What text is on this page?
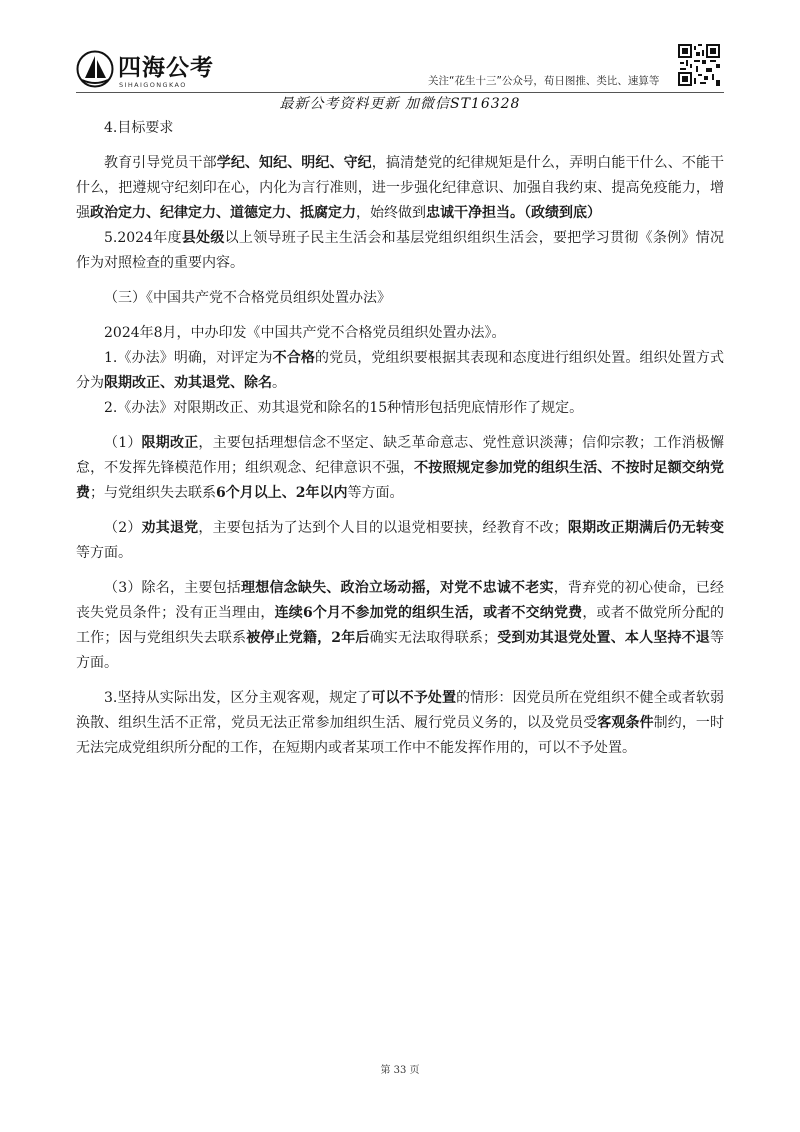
四海公考
SIHAIGONGKAO	关注“花生十三”公众号，荀日图推、类比、速算等
最新公考资料更新 加微信ST16328

4.目标要求

教育引导党员干部学纪、知纪、明纪、守纪，搞清楚党的纪律规矩是什么，弄明白能干什么、不能干什么，把遵规守纪刻印在心，内化为言行准则，进一步强化纪律意识、加强自我约束、提高免疫能力，增强政治定力、纪律定力、道德定力、抵腐定力，始终做到忠诚干净担当。（政绩到底）

5.2024年度县处级以上领导班子民主生活会和基层党组织组织生活会，要把学习贯彻《条例》情况作为对照检查的重要内容。

（三）《中国共产党不合格党员组织处置办法》

2024年8月，中办印发《中国共产党不合格党员组织处置办法》。

1.《办法》明确，对评定为不合格的党员，党组织要根据其表现和态度进行组织处置。组织处置方式分为限期改正、劝其退党、除名。

2.《办法》对限期改正、劝其退党和除名的15种情形包括兜底情形作了规定。

（1）限期改正，主要包括理想信念不坚定、缺乏革命意志、党性意识淡薄；信仰宗教；工作消极懈怠，不发挥先锋模范作用；组织观念、纪律意识不强，不按照规定参加党的组织生活、不按时足额交纳党费；与党组织失去联系6个月以上、2年以内等方面。

（2）劝其退党，主要包括为了达到个人目的以退党相要挟，经教育不改；限期改正期满后仍无转变等方面。

（3）除名，主要包括理想信念缺失、政治立场动摇，对党不忠诚不老实，背弃党的初心使命，已经丧失党员条件；没有正当理由，连续6个月不参加党的组织生活，或者不交纳党费，或者不做党所分配的工作；因与党组织失去联系被停止党籍，2年后确实无法取得联系；受到劝其退党处置、本人坚持不退等方面。

3.坚持从实际出发，区分主观客观，规定了可以不予处置的情形：因党员所在党组织不健全或者软弱涣散、组织生活不正常，党员无法正常参加组织生活、履行党员义务的，以及党员受客观条件制约，一时无法完成党组织所分配的工作，在短期内或者某项工作中不能发挥作用的，可以不予处置。

第 33 页
